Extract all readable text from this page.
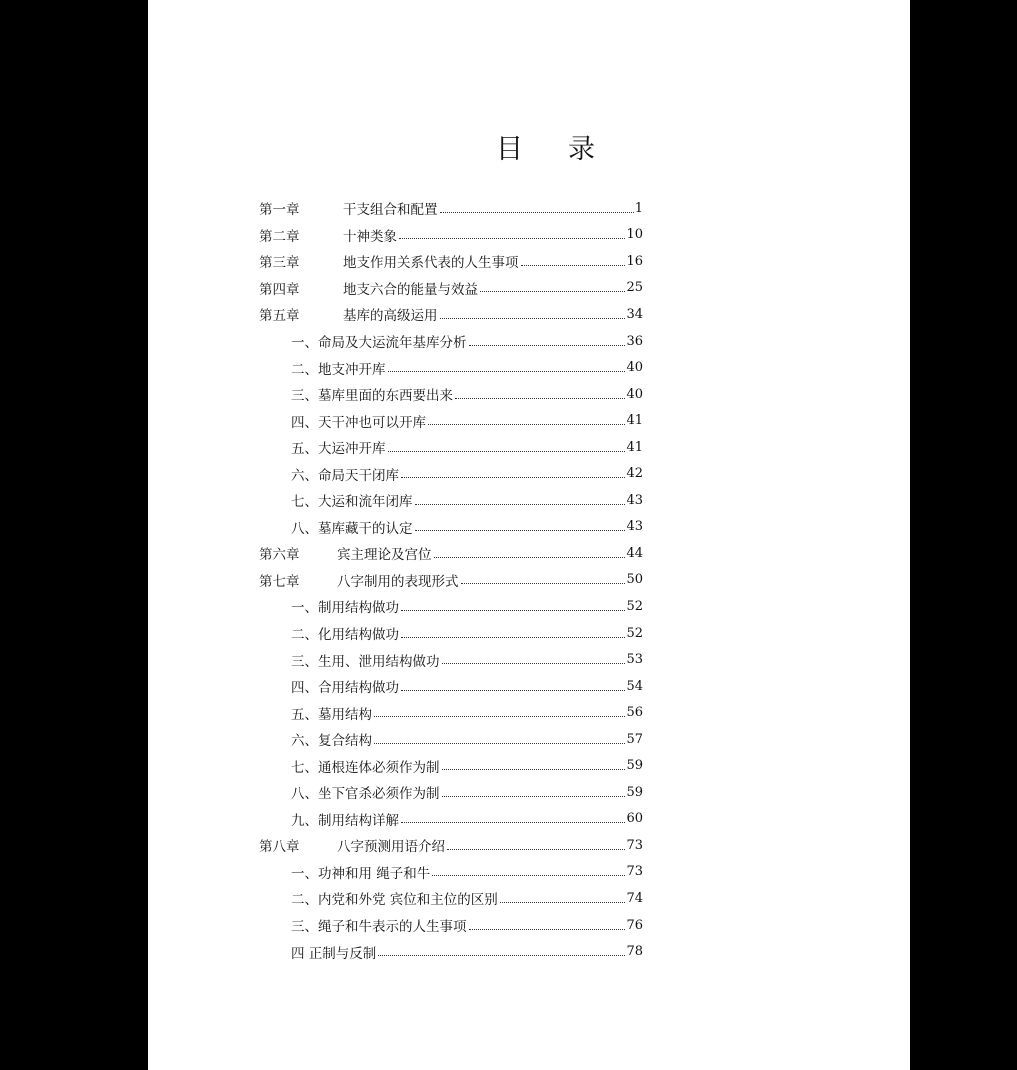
目 录
第一章	干支组合和配置	1
第二章	十神类象	10
第三章	地支作用关系代表的人生事项	16
第四章	地支六合的能量与效益	25
第五章	基库的高级运用	34
一、命局及大运流年基库分析	36
二、地支冲开库	40
三、墓库里面的东西要出来	40
四、天干冲也可以开库	41
五、大运冲开库	41
六、命局天干闭库	42
七、大运和流年闭库	43
八、墓库藏干的认定	43
第六章	宾主理论及宫位	44
第七章	八字制用的表现形式	50
一、制用结构做功	52
二、化用结构做功	52
三、生用、泄用结构做功	53
四、合用结构做功	54
五、墓用结构	56
六、复合结构	57
七、通根连体必须作为制	59
八、坐下官杀必须作为制	59
九、制用结构详解	60
第八章	八字预测用语介绍	73
一、功神和用 绳子和牛	73
二、内党和外党 宾位和主位的区别	74
三、绳子和牛表示的人生事项	76
四 正制与反制	78
